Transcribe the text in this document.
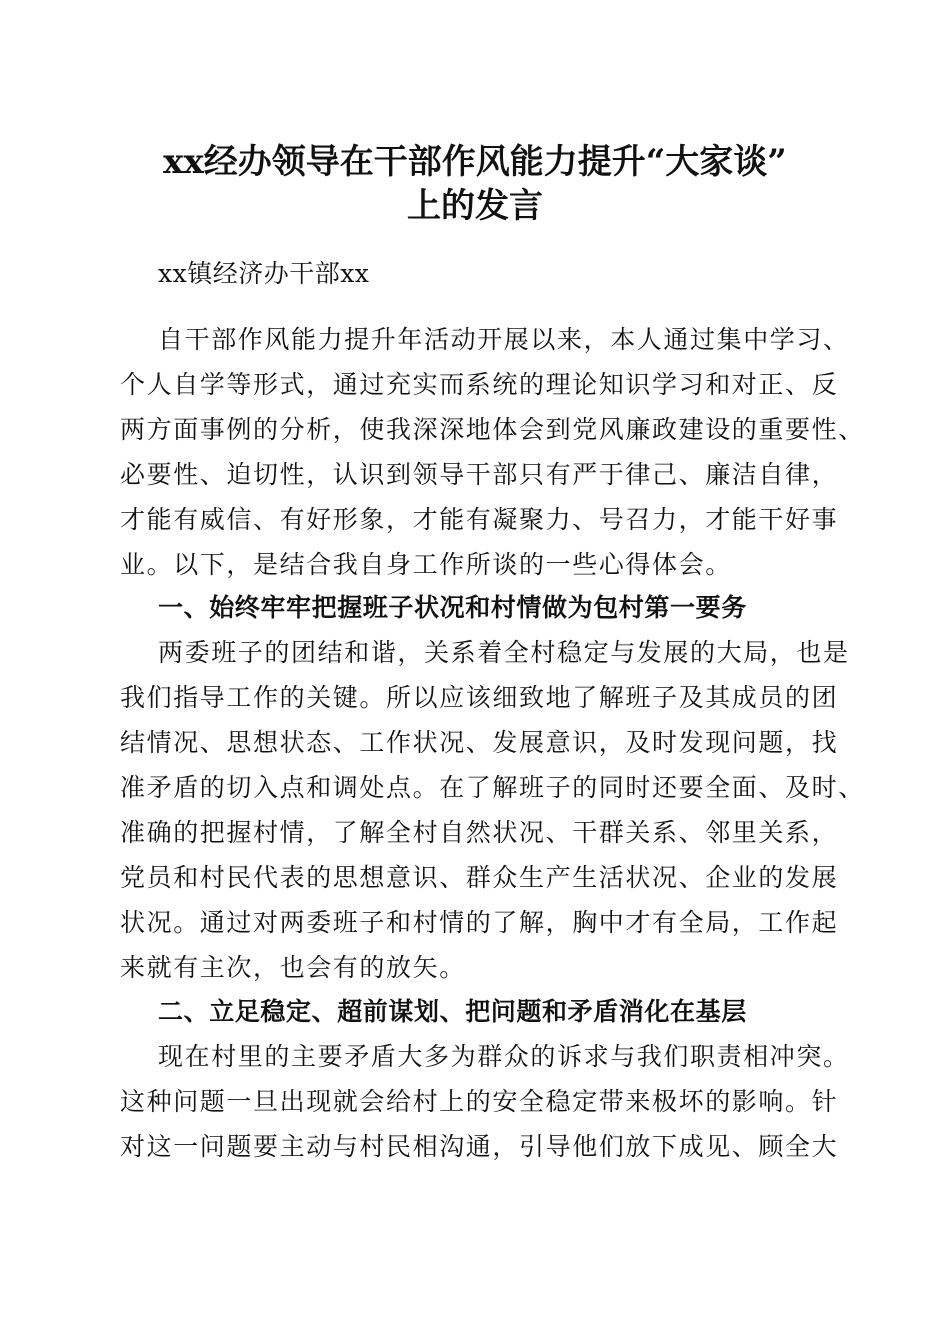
xx经办领导在干部作风能力提升“大家谈”
上的发言
xx镇经济办干部xx
自干部作风能力提升年活动开展以来，本人通过集中学习、
个人自学等形式，通过充实而系统的理论知识学习和对正、反
两方面事例的分析，使我深深地体会到党风廉政建设的重要性、
必要性、迫切性，认识到领导干部只有严于律己、廉洁自律，
才能有威信、有好形象，才能有凝聚力、号召力，才能干好事
业。以下，是结合我自身工作所谈的一些心得体会。
一、始终牢牢把握班子状况和村情做为包村第一要务
两委班子的团结和谐，关系着全村稳定与发展的大局，也是
我们指导工作的关键。所以应该细致地了解班子及其成员的团
结情况、思想状态、工作状况、发展意识，及时发现问题，找
准矛盾的切入点和调处点。在了解班子的同时还要全面、及时、
准确的把握村情，了解全村自然状况、干群关系、邻里关系，
党员和村民代表的思想意识、群众生产生活状况、企业的发展
状况。通过对两委班子和村情的了解，胸中才有全局，工作起
来就有主次，也会有的放矢。
二、立足稳定、超前谋划、把问题和矛盾消化在基层
现在村里的主要矛盾大多为群众的诉求与我们职责相冲突。
这种问题一旦出现就会给村上的安全稳定带来极坏的影响。针
对这一问题要主动与村民相沟通，引导他们放下成见、顾全大
